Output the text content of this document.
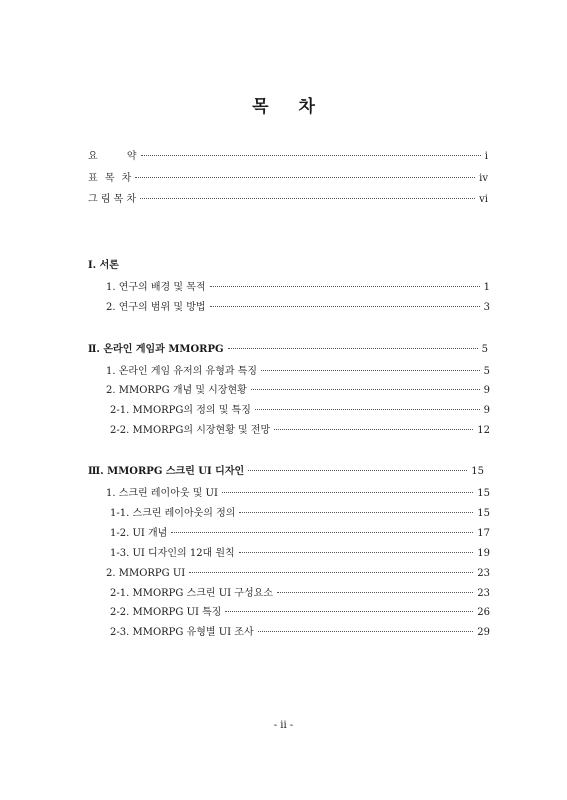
목 차
요 약	i
표 목 차	iv
그 림 목 차	vi
Ⅰ. 서론
1. 연구의 배경 및 목적	1
2. 연구의 범위 및 방법	3
Ⅱ. 온라인 게임과 MMORPG	5
1. 온라인 게임 유저의 유형과 특징	5
2. MMORPG 개념 및 시장현황	9
2-1. MMORPG의 정의 및 특징	9
2-2. MMORPG의 시장현황 및 전망	12
Ⅲ. MMORPG 스크린 UI 디자인	15
1. 스크린 레이아웃 및 UI	15
1-1. 스크린 레이아웃의 정의	15
1-2. UI 개념	17
1-3. UI 디자인의 12대 원칙	19
2. MMORPG UI	23
2-1. MMORPG 스크린 UI 구성요소	23
2-2. MMORPG UI 특징	26
2-3. MMORPG 유형별 UI 조사	29
- ii -
